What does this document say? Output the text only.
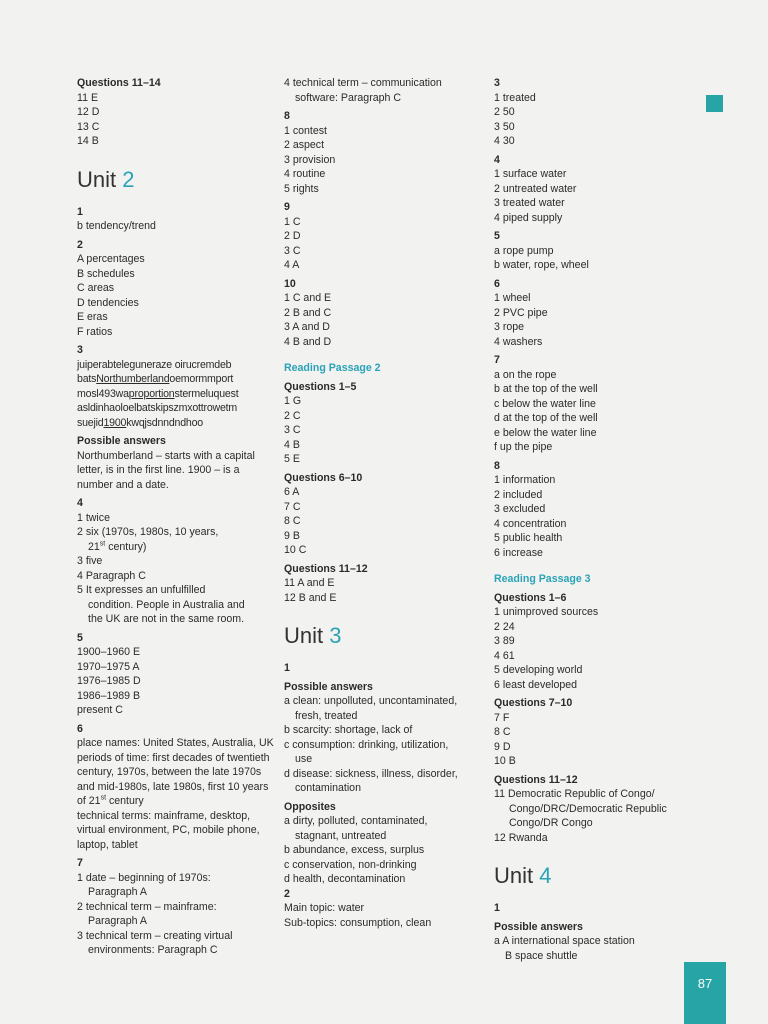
Questions 11–14
11 E
12 D
13 C
14 B
Unit 2
1
b tendency/trend
2
A percentages
B schedules
C areas
D tendencies
E eras
F ratios
3
juiperabteleguneraze oirucremdeb
batsNorthumberlandoemormmport
mosl493waproportionstermeluquest
asldinhaoloelbatskipszmxottrowetm
suejid1900kwqjsdnndndhoo
Possible answers
Northumberland – starts with a capital letter, is in the first line. 1900 – is a number and a date.
4
1 twice
2 six (1970s, 1980s, 10 years,
21st century)
3 five
4 Paragraph C
5 It expresses an unfulfilled
condition. People in Australia and
the UK are not in the same room.
5
1900–1960 E
1970–1975 A
1976–1985 D
1986–1989 B
present C
6
place names: United States, Australia, UK
periods of time: first decades of twentieth century, 1970s, between the late 1970s and mid-1980s, late 1980s, first 10 years of 21st century
technical terms: mainframe, desktop, virtual environment, PC, mobile phone, laptop, tablet
7
1 date – beginning of 1970s:
Paragraph A
2 technical term – mainframe:
Paragraph A
3 technical term – creating virtual
environments: Paragraph C
4 technical term – communication
software: Paragraph C
8
1 contest
2 aspect
3 provision
4 routine
5 rights
9
1 C
2 D
3 C
4 A
10
1 C and E
2 B and C
3 A and D
4 B and D
Reading Passage 2
Questions 1–5
1 G
2 C
3 C
4 B
5 E
Questions 6–10
6 A
7 C
8 C
9 B
10 C
Questions 11–12
11 A and E
12 B and E
Unit 3
1
Possible answers
a clean: unpolluted, uncontaminated,
fresh, treated
b scarcity: shortage, lack of
c consumption: drinking, utilization,
use
d disease: sickness, illness, disorder,
contamination
Opposites
a dirty, polluted, contaminated,
stagnant, untreated
b abundance, excess, surplus
c conservation, non-drinking
d health, decontamination
2
Main topic: water
Sub-topics: consumption, clean
3
1 treated
2 50
3 50
4 30
4
1 surface water
2 untreated water
3 treated water
4 piped supply
5
a rope pump
b water, rope, wheel
6
1 wheel
2 PVC pipe
3 rope
4 washers
7
a on the rope
b at the top of the well
c below the water line
d at the top of the well
e below the water line
f up the pipe
8
1 information
2 included
3 excluded
4 concentration
5 public health
6 increase
Reading Passage 3
Questions 1–6
1 unimproved sources
2 24
3 89
4 61
5 developing world
6 least developed
Questions 7–10
7 F
8 C
9 D
10 B
Questions 11–12
11 Democratic Republic of Congo/
Congo/DRC/Democratic Republic
Congo/DR Congo
12 Rwanda
Unit 4
1
Possible answers
a A international space station
B space shuttle
87
